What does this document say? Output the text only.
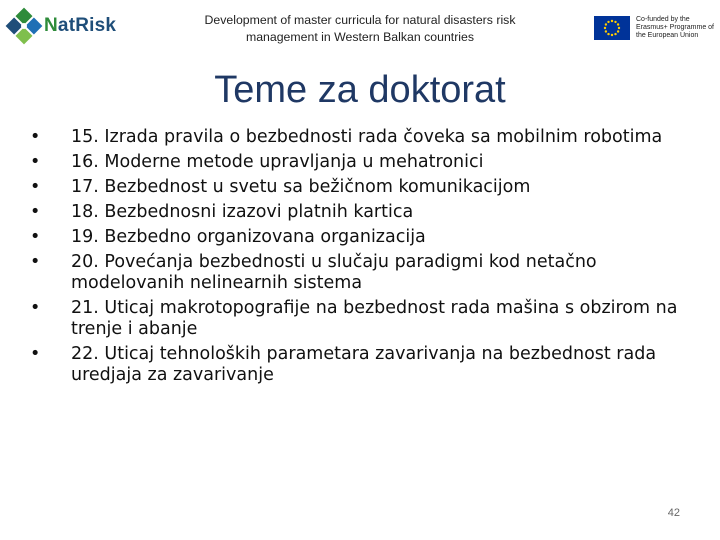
NatRisk	Development of master curricula for natural disasters risk management in Western Balkan countries
Co-funded by the Erasmus+ Programme of the European Union
Teme za doktorat
• 15. Izrada pravila o bezbednosti rada čoveka sa mobilnim robotima
• 16. Moderne metode upravljanja u mehatronici
• 17. Bezbednost u svetu sa bežičnom komunikacijom
• 18. Bezbednosni izazovi platnih kartica
• 19. Bezbedno organizovana organizacija
• 20. Povećanja bezbednosti u slučaju paradigmi kod netačno modelovanih nelinearnih sistema
• 21. Uticaj makrotopografije na bezbednost rada mašina s obzirom na trenje i abanje
• 22. Uticaj tehnoloških parametara zavarivanja na bezbednost rada uredjaja za zavarivanje
42
